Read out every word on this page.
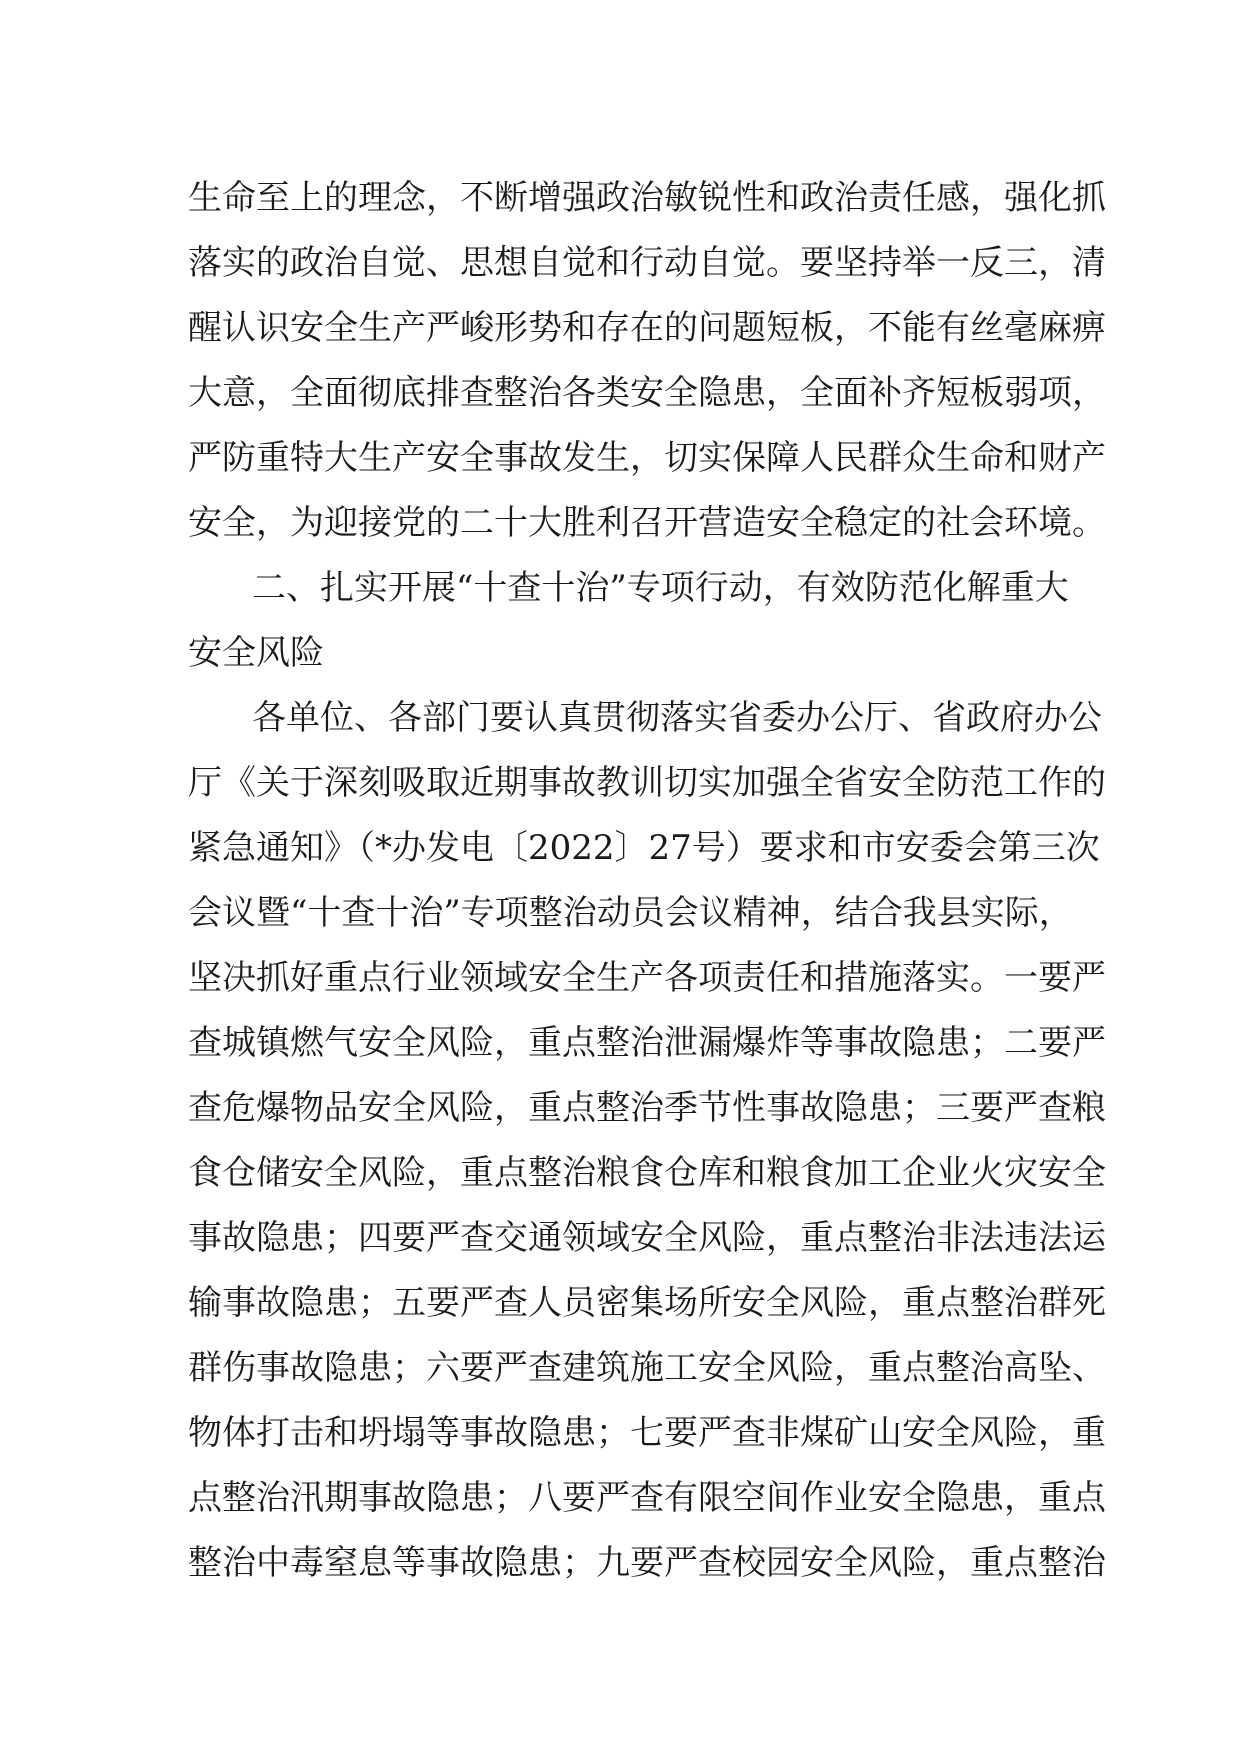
生命至上的理念，不断增强政治敏锐性和政治责任感，强化抓
落实的政治自觉、思想自觉和行动自觉。要坚持举一反三，清
醒认识安全生产严峻形势和存在的问题短板，不能有丝毫麻痹
大意，全面彻底排查整治各类安全隐患，全面补齐短板弱项，
严防重特大生产安全事故发生，切实保障人民群众生命和财产
安全，为迎接党的二十大胜利召开营造安全稳定的社会环境。
二、扎实开展“十查十治”专项行动，有效防范化解重大
安全风险
各单位、各部门要认真贯彻落实省委办公厅、省政府办公
厅《关于深刻吸取近期事故教训切实加强全省安全防范工作的
紧急通知》（*办发电〔2022〕27号）要求和市安委会第三次
会议暨“十查十治”专项整治动员会议精神，结合我县实际，
坚决抓好重点行业领域安全生产各项责任和措施落实。一要严
查城镇燃气安全风险，重点整治泄漏爆炸等事故隐患；二要严
查危爆物品安全风险，重点整治季节性事故隐患；三要严查粮
食仓储安全风险，重点整治粮食仓库和粮食加工企业火灾安全
事故隐患；四要严查交通领域安全风险，重点整治非法违法运
输事故隐患；五要严查人员密集场所安全风险，重点整治群死
群伤事故隐患；六要严查建筑施工安全风险，重点整治高坠、
物体打击和坍塌等事故隐患；七要严查非煤矿山安全风险，重
点整治汛期事故隐患；八要严查有限空间作业安全隐患，重点
整治中毒窒息等事故隐患；九要严查校园安全风险，重点整治
